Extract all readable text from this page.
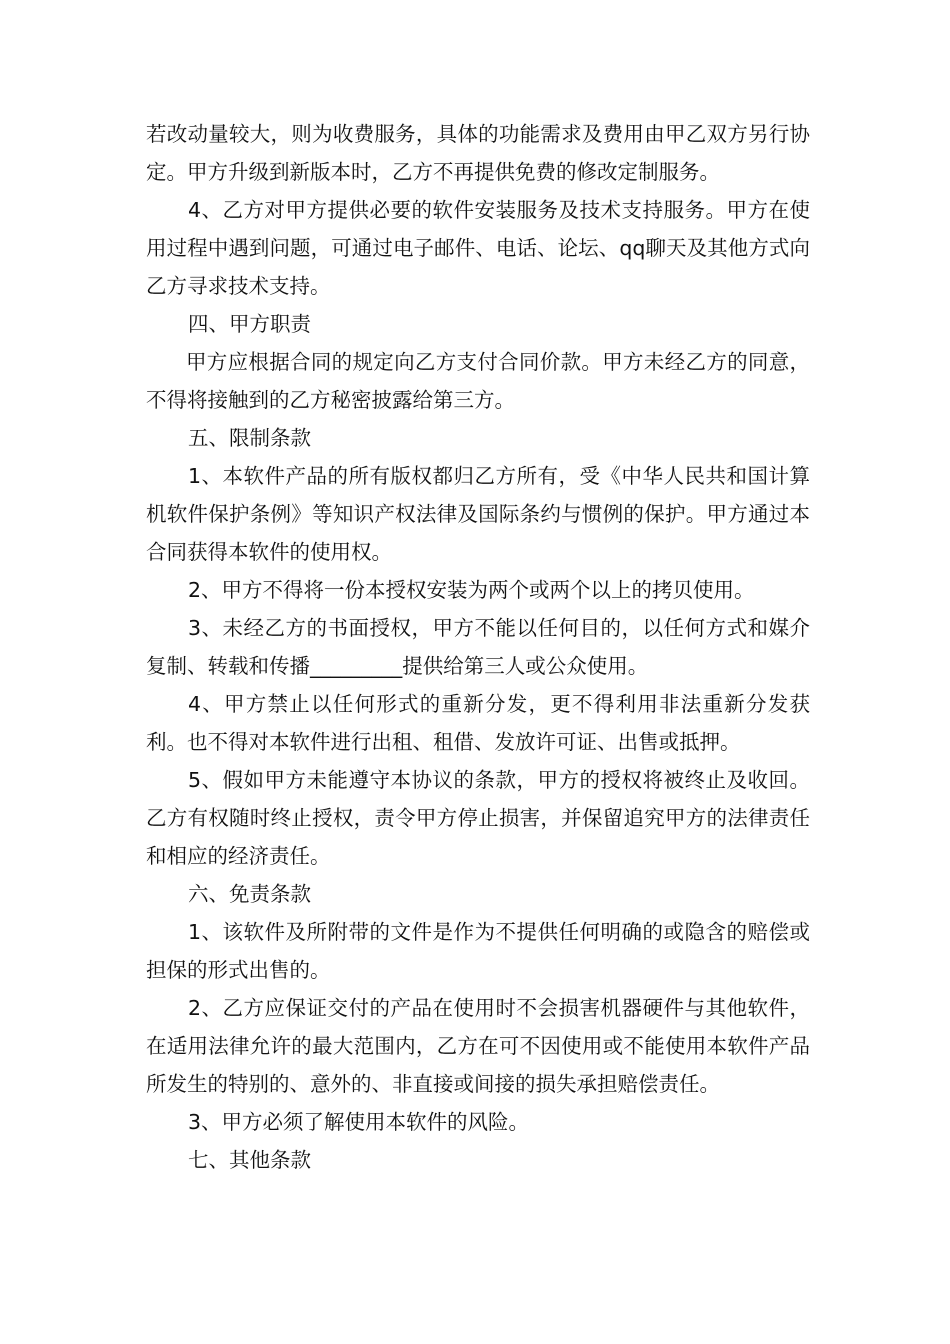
若改动量较大，则为收费服务，具体的功能需求及费用由甲乙双方另行协定。甲方升级到新版本时，乙方不再提供免费的修改定制服务。

4、乙方对甲方提供必要的软件安装服务及技术支持服务。甲方在使用过程中遇到问题，可通过电子邮件、电话、论坛、qq聊天及其他方式向乙方寻求技术支持。

四、甲方职责

甲方应根据合同的规定向乙方支付合同价款。甲方未经乙方的同意，不得将接触到的乙方秘密披露给第三方。

五、限制条款

1、本软件产品的所有版权都归乙方所有，受《中华人民共和国计算机软件保护条例》等知识产权法律及国际条约与惯例的保护。甲方通过本合同获得本软件的使用权。

2、甲方不得将一份本授权安装为两个或两个以上的拷贝使用。

3、未经乙方的书面授权，甲方不能以任何目的，以任何方式和媒介复制、转载和传播_________提供给第三人或公众使用。

4、甲方禁止以任何形式的重新分发，更不得利用非法重新分发获利。也不得对本软件进行出租、租借、发放许可证、出售或抵押。

5、假如甲方未能遵守本协议的条款，甲方的授权将被终止及收回。乙方有权随时终止授权，责令甲方停止损害，并保留追究甲方的法律责任和相应的经济责任。

六、免责条款

1、该软件及所附带的文件是作为不提供任何明确的或隐含的赔偿或担保的形式出售的。

2、乙方应保证交付的产品在使用时不会损害机器硬件与其他软件，在适用法律允许的最大范围内，乙方在可不因使用或不能使用本软件产品所发生的特别的、意外的、非直接或间接的损失承担赔偿责任。

3、甲方必须了解使用本软件的风险。

七、其他条款
